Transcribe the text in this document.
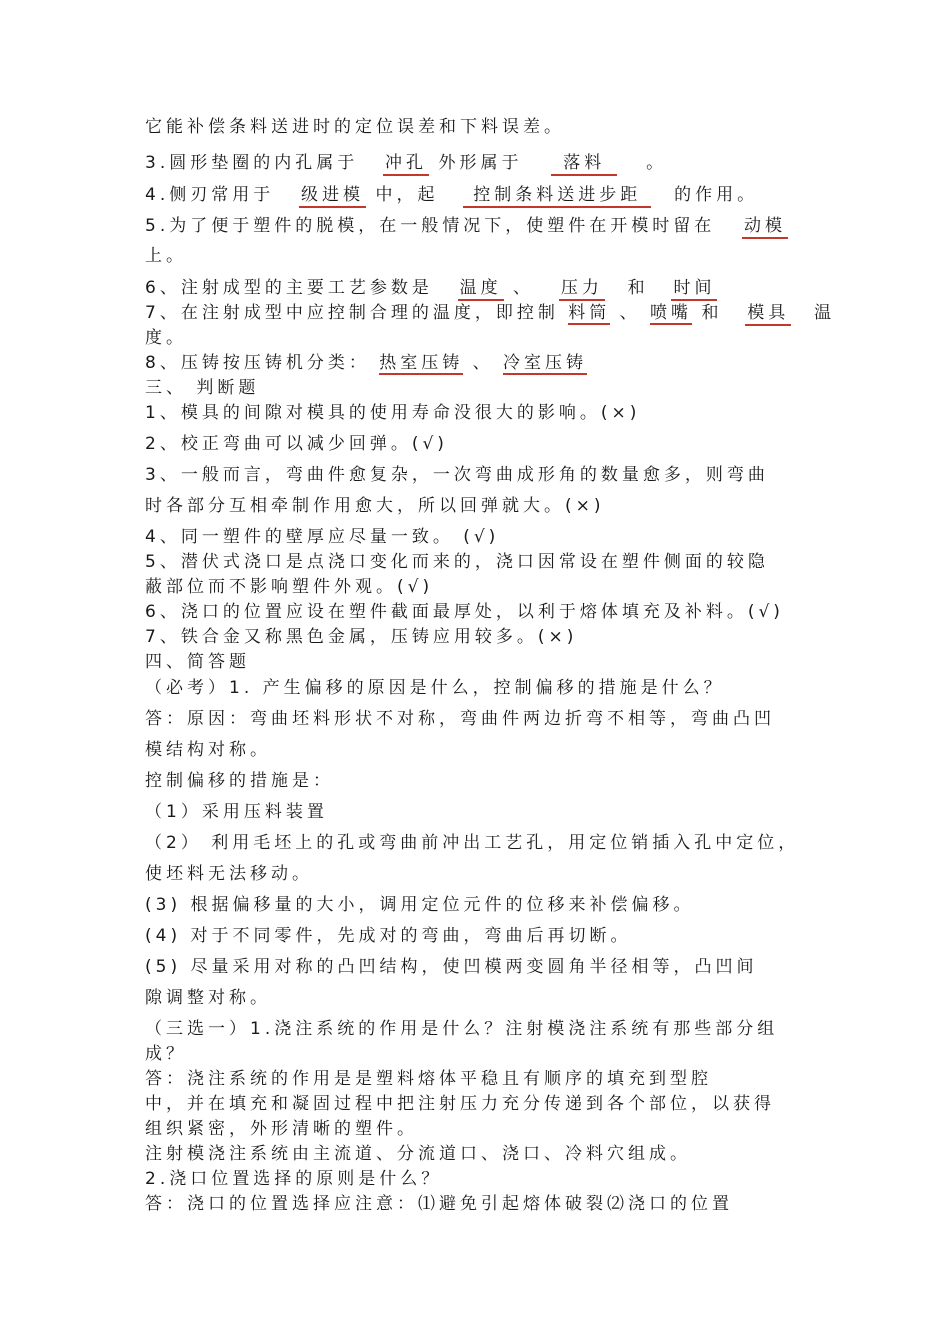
它能补偿条料送进时的定位误差和下料误差。
3.圆形垫圈的内孔属于 冲孔 外形属于 落料 。
4.侧刃常用于 级进模 中，起 控制条料送进步距 的作用。
5.为了便于塑件的脱模，在一般情况下，使塑件在开模时留在 动模
上。
6、注射成型的主要工艺参数是 温度 、 压力 和 时间
7、在注射成型中应控制合理的温度，即控制 料筒 、 喷嘴 和 模具 温
度。
8、压铸按压铸机分类： 热室压铸 、 冷室压铸
三、 判断题
1、模具的间隙对模具的使用寿命没很大的影响。(×)
2、校正弯曲可以减少回弹。(√)
3、一般而言，弯曲件愈复杂，一次弯曲成形角的数量愈多，则弯曲
时各部分互相牵制作用愈大，所以回弹就大。(×)
4、同一塑件的壁厚应尽量一致。 (√)
5、潜伏式浇口是点浇口变化而来的，浇口因常设在塑件侧面的较隐
蔽部位而不影响塑件外观。(√)
6、浇口的位置应设在塑件截面最厚处，以利于熔体填充及补料。(√)
7、铁合金又称黑色金属，压铸应用较多。(×)
四、简答题
（必考）1. 产生偏移的原因是什么，控制偏移的措施是什么？
答：原因：弯曲坯料形状不对称，弯曲件两边折弯不相等，弯曲凸凹
模结构对称。
控制偏移的措施是：
（1）采用压料装置
（2） 利用毛坯上的孔或弯曲前冲出工艺孔，用定位销插入孔中定位，
使坯料无法移动。
(3) 根据偏移量的大小，调用定位元件的位移来补偿偏移。
(4) 对于不同零件，先成对的弯曲，弯曲后再切断。
(5) 尽量采用对称的凸凹结构，使凹模两变圆角半径相等，凸凹间
隙调整对称。
（三选一）1.浇注系统的作用是什么？注射模浇注系统有那些部分组
成？
答：浇注系统的作用是是塑料熔体平稳且有顺序的填充到型腔
中，并在填充和凝固过程中把注射压力充分传递到各个部位，以获得
组织紧密，外形清晰的塑件。
注射模浇注系统由主流道、分流道口、浇口、冷料穴组成。
2.浇口位置选择的原则是什么？
答：浇口的位置选择应注意：⑴避免引起熔体破裂⑵浇口的位置
